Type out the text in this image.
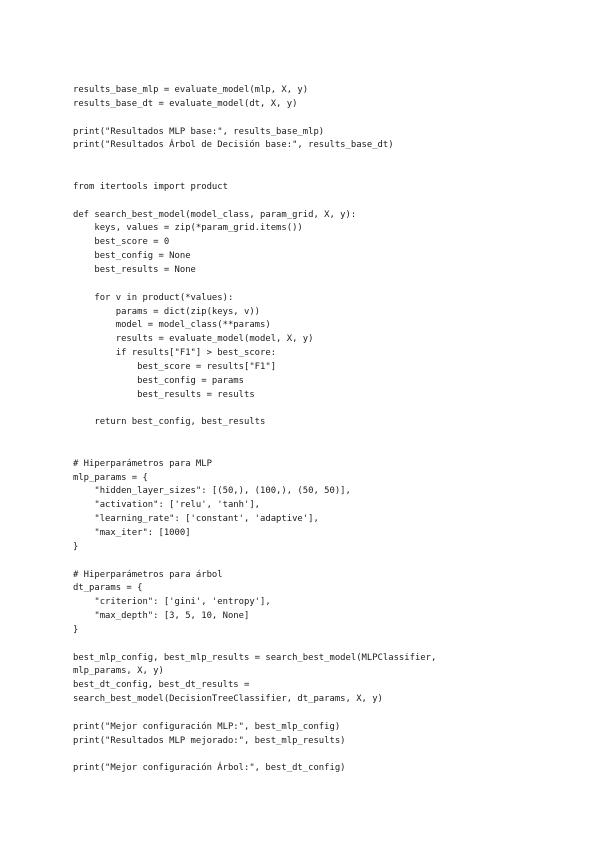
results_base_mlp = evaluate_model(mlp, X, y)
results_base_dt = evaluate_model(dt, X, y)
print("Resultados MLP base:", results_base_mlp)
print("Resultados Árbol de Decisión base:", results_base_dt)
from itertools import product
def search_best_model(model_class, param_grid, X, y):
keys, values = zip(*param_grid.items())
best_score = 0
best_config = None
best_results = None
for v in product(*values):
params = dict(zip(keys, v))
model = model_class(**params)
results = evaluate_model(model, X, y)
if results["F1"] > best_score:
best_score = results["F1"]
best_config = params
best_results = results
return best_config, best_results
# Hiperparámetros para MLP
mlp_params = {
"hidden_layer_sizes": [(50,), (100,), (50, 50)],
"activation": ['relu', 'tanh'],
"learning_rate": ['constant', 'adaptive'],
"max_iter": [1000]
}
# Hiperparámetros para árbol
dt_params = {
"criterion": ['gini', 'entropy'],
"max_depth": [3, 5, 10, None]
}
best_mlp_config, best_mlp_results = search_best_model(MLPClassifier,
mlp_params, X, y)
best_dt_config, best_dt_results =
search_best_model(DecisionTreeClassifier, dt_params, X, y)
print("Mejor configuración MLP:", best_mlp_config)
print("Resultados MLP mejorado:", best_mlp_results)
print("Mejor configuración Árbol:", best_dt_config)
